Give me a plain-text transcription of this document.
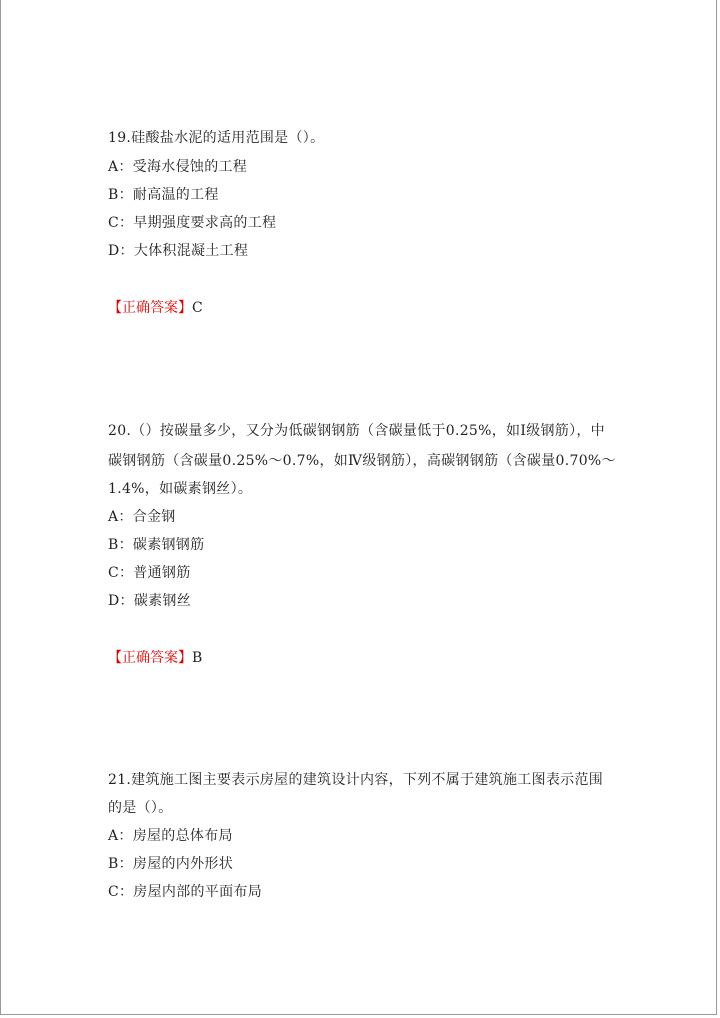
19.硅酸盐水泥的适用范围是（）。
A：受海水侵蚀的工程
B：耐高温的工程
C：早期强度要求高的工程
D：大体积混凝土工程
【正确答案】C
20.（）按碳量多少，又分为低碳钢钢筋（含碳量低于0.25%，如Ⅰ级钢筋），中
碳钢钢筋（含碳量0.25%～0.7%，如Ⅳ级钢筋），高碳钢钢筋（含碳量0.70%～
1.4%，如碳素钢丝）。
A：合金钢
B：碳素钢钢筋
C：普通钢筋
D：碳素钢丝
【正确答案】B
21.建筑施工图主要表示房屋的建筑设计内容，下列不属于建筑施工图表示范围
的是（）。
A：房屋的总体布局
B：房屋的内外形状
C：房屋内部的平面布局
